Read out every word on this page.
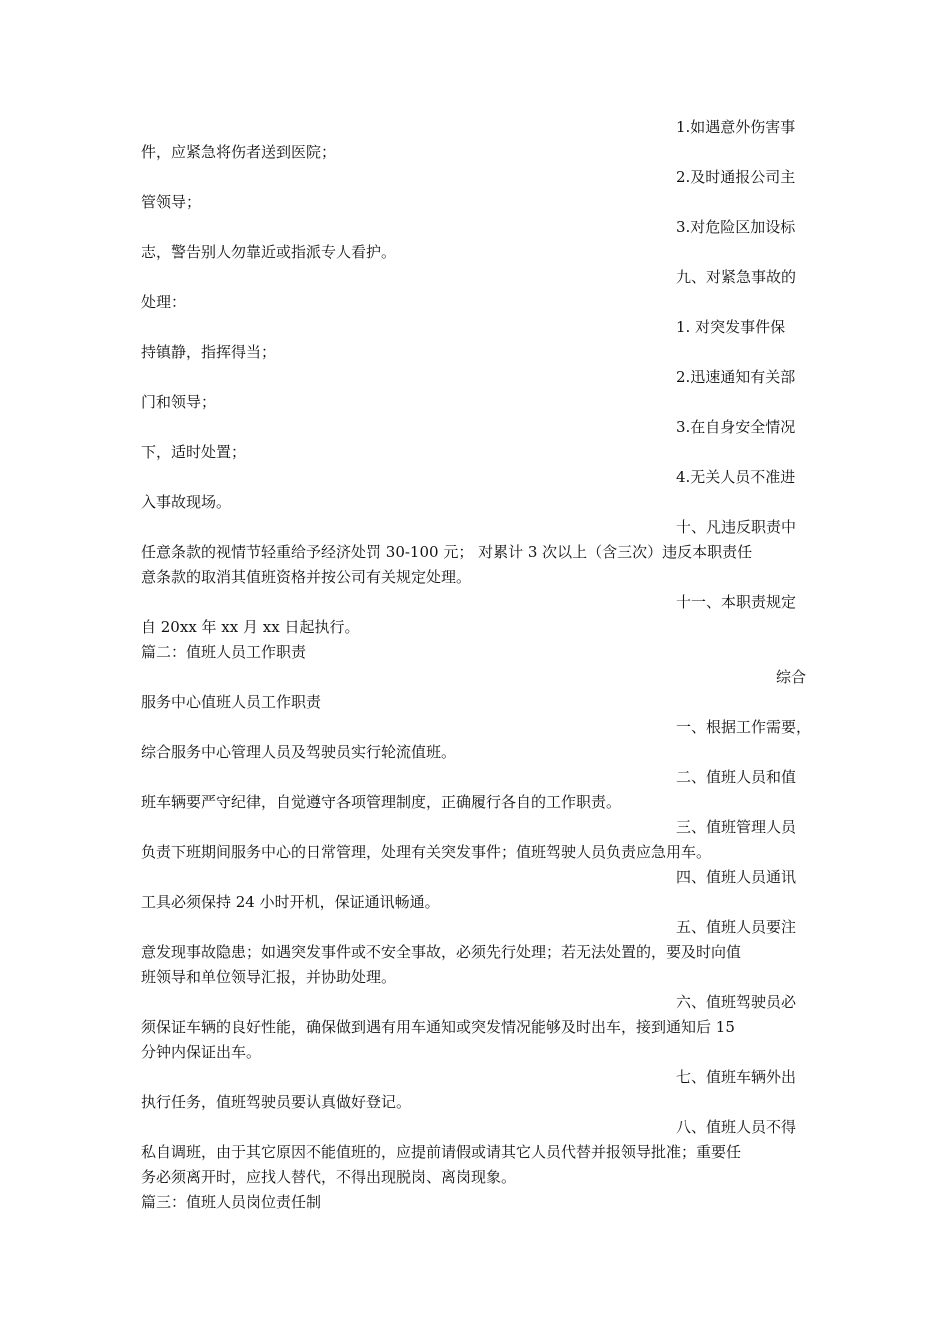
1.如遇意外伤害事
件，应紧急将伤者送到医院；
2.及时通报公司主
管领导；
3.对危险区加设标
志，警告别人勿靠近或指派专人看护。
九、对紧急事故的
处理：
1. 对突发事件保
持镇静，指挥得当；
2.迅速通知有关部
门和领导；
3.在自身安全情况
下，适时处置；
4.无关人员不准进
入事故现场。
十、凡违反职责中
任意条款的视情节轻重给予经济处罚 30-100 元； 对累计 3 次以上（含三次）违反本职责任
意条款的取消其值班资格并按公司有关规定处理。
十一、本职责规定
自 20xx 年 xx 月 xx 日起执行。
篇二：值班人员工作职责
综合
服务中心值班人员工作职责
一、根据工作需要，
综合服务中心管理人员及驾驶员实行轮流值班。
二、值班人员和值
班车辆要严守纪律，自觉遵守各项管理制度，正确履行各自的工作职责。
三、值班管理人员
负责下班期间服务中心的日常管理，处理有关突发事件；值班驾驶人员负责应急用车。
四、值班人员通讯
工具必须保持 24 小时开机，保证通讯畅通。
五、值班人员要注
意发现事故隐患；如遇突发事件或不安全事故，必须先行处理；若无法处置的，要及时向值
班领导和单位领导汇报，并协助处理。
六、值班驾驶员必
须保证车辆的良好性能，确保做到遇有用车通知或突发情况能够及时出车，接到通知后 15
分钟内保证出车。
七、值班车辆外出
执行任务，值班驾驶员要认真做好登记。
八、值班人员不得
私自调班，由于其它原因不能值班的，应提前请假或请其它人员代替并报领导批准；重要任
务必须离开时，应找人替代，不得出现脱岗、离岗现象。
篇三：值班人员岗位责任制
